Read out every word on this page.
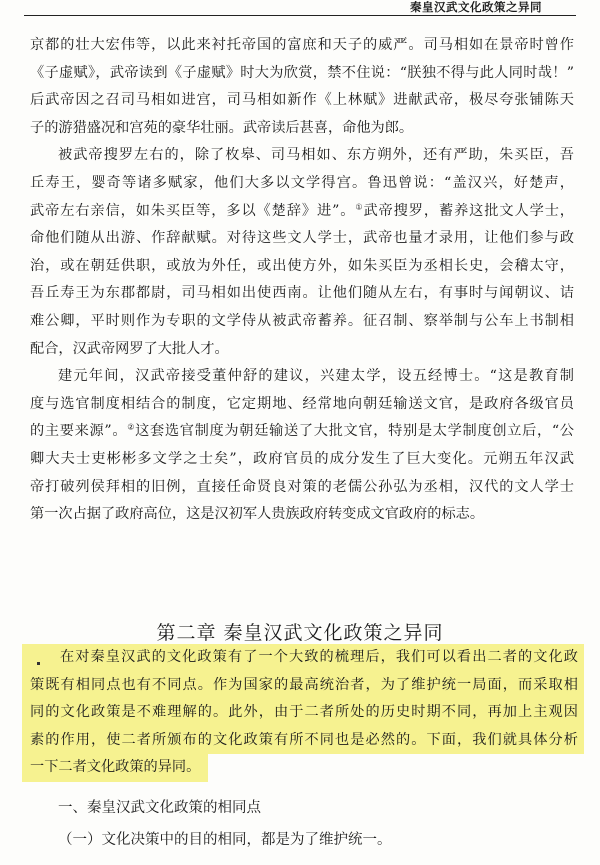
秦皇汉武文化政策之异同
京都的壮大宏伟等，以此来衬托帝国的富庶和天子的威严。司马相如在景帝时曾作
《子虚赋》，武帝读到《子虚赋》时大为欣赏，禁不住说：“朕独不得与此人同时哉！”
后武帝因之召司马相如进宫，司马相如新作《上林赋》进献武帝，极尽夸张铺陈天
子的游猎盛况和宫苑的豪华壮丽。武帝读后甚喜，命他为郎。
被武帝搜罗左右的，除了枚皋、司马相如、东方朔外，还有严助，朱买臣，吾
丘寿王，婴奇等诸多赋家，他们大多以文学得宫。鲁迅曾说：“盖汉兴，好楚声，
武帝左右亲信，如朱买臣等，多以《楚辞》进”。①武帝搜罗，蓄养这批文人学士，
命他们随从出游、作辞献赋。对待这些文人学士，武帝也量才录用，让他们参与政
治，或在朝廷供职，或放为外任，或出使方外，如朱买臣为丞相长史，会稽太守，
吾丘寿王为东郡都尉，司马相如出使西南。让他们随从左右，有事时与闻朝议、诘
难公卿，平时则作为专职的文学侍从被武帝蓄养。征召制、察举制与公车上书制相
配合，汉武帝网罗了大批人才。
建元年间，汉武帝接受董仲舒的建议，兴建太学，设五经博士。“这是教育制
度与选官制度相结合的制度，它定期地、经常地向朝廷输送文官，是政府各级官员
的主要来源”。②这套选官制度为朝廷输送了大批文官，特别是太学制度创立后，“公
卿大夫士吏彬彬多文学之士矣”，政府官员的成分发生了巨大变化。元朔五年汉武
帝打破列侯拜相的旧例，直接任命贤良对策的老儒公孙弘为丞相，汉代的文人学士
第一次占据了政府高位，这是汉初军人贵族政府转变成文官政府的标志。
第二章 秦皇汉武文化政策之异同
在对秦皇汉武的文化政策有了一个大致的梳理后，我们可以看出二者的文化政
策既有相同点也有不同点。作为国家的最高统治者，为了维护统一局面，而采取相
同的文化政策是不难理解的。此外，由于二者所处的历史时期不同，再加上主观因
素的作用，使二者所颁布的文化政策有所不同也是必然的。下面，我们就具体分析
一下二者文化政策的异同。
一、秦皇汉武文化政策的相同点
（一）文化决策中的目的相同，都是为了维护统一。
